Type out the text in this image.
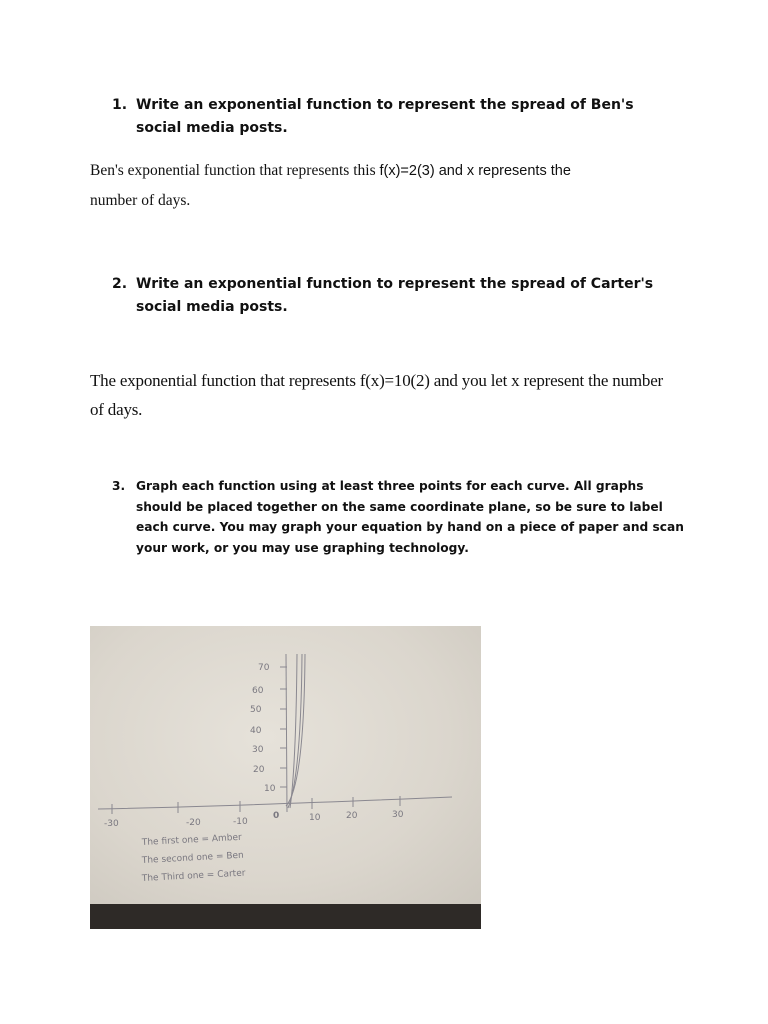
1. Write an exponential function to represent the spread of Ben's social media posts.

Ben's exponential function that represents this f(x)=2(3) and x represents the
number of days.

2. Write an exponential function to represent the spread of Carter's social media posts.

The exponential function that represents f(x)=10(2) and you let x represent the number of days.

3. Graph each function using at least three points for each curve. All graphs should be placed together on the same coordinate plane, so be sure to label each curve. You may graph your equation by hand on a piece of paper and scan your work, or you may use graphing technology.
70
60
50
40
30
20
10
-30	-20	-10
0	10	20	30
The first one = Amber
The second one = Ben
The Third one = Carter
